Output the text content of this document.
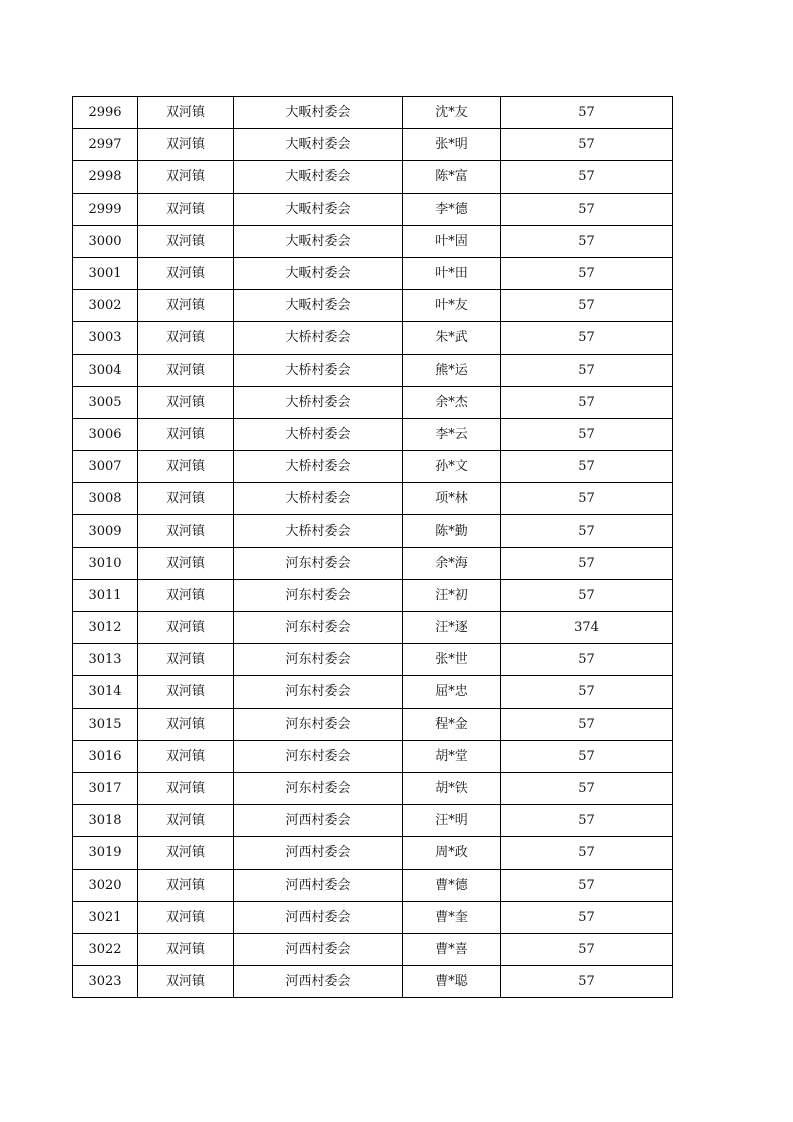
2996	双河镇	大畈村委会	沈*友	57
2997	双河镇	大畈村委会	张*明	57
2998	双河镇	大畈村委会	陈*富	57
2999	双河镇	大畈村委会	李*德	57
3000	双河镇	大畈村委会	叶*固	57
3001	双河镇	大畈村委会	叶*田	57
3002	双河镇	大畈村委会	叶*友	57
3003	双河镇	大桥村委会	朱*武	57
3004	双河镇	大桥村委会	熊*运	57
3005	双河镇	大桥村委会	余*杰	57
3006	双河镇	大桥村委会	李*云	57
3007	双河镇	大桥村委会	孙*文	57
3008	双河镇	大桥村委会	项*林	57
3009	双河镇	大桥村委会	陈*勤	57
3010	双河镇	河东村委会	余*海	57
3011	双河镇	河东村委会	汪*初	57
3012	双河镇	河东村委会	汪*逐	374
3013	双河镇	河东村委会	张*世	57
3014	双河镇	河东村委会	屈*忠	57
3015	双河镇	河东村委会	程*金	57
3016	双河镇	河东村委会	胡*堂	57
3017	双河镇	河东村委会	胡*铁	57
3018	双河镇	河西村委会	汪*明	57
3019	双河镇	河西村委会	周*政	57
3020	双河镇	河西村委会	曹*德	57
3021	双河镇	河西村委会	曹*奎	57
3022	双河镇	河西村委会	曹*喜	57
3023	双河镇	河西村委会	曹*聪	57
